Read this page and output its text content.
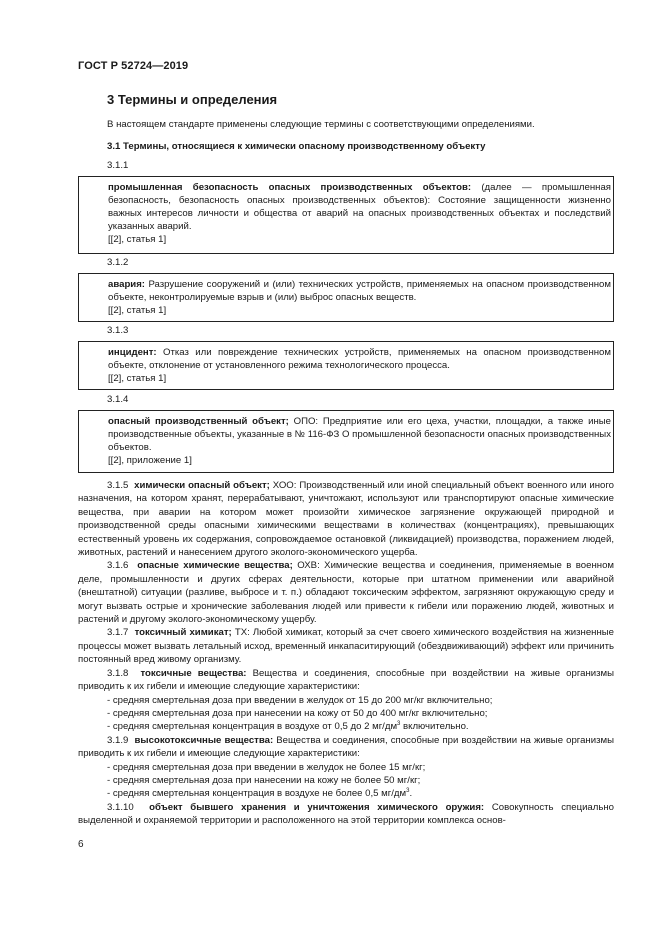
ГОСТ Р 52724—2019
3 Термины и определения
В настоящем стандарте применены следующие термины с соответствующими определениями.
3.1 Термины, относящиеся к химически опасному производственному объекту
3.1.1

промышленная безопасность опасных производственных объектов: (далее — промышленная безопасность, безопасность опасных производственных объектов): Состояние защищенности жизненно важных интересов личности и общества от аварий на опасных производственных объектах и последствий указанных аварий.

[[2], статья 1]

3.1.2

авария: Разрушение сооружений и (или) технических устройств, применяемых на опасном производственном объекте, неконтролируемые взрыв и (или) выброс опасных веществ.

[[2], статья 1]

3.1.3

инцидент: Отказ или повреждение технических устройств, применяемых на опасном производственном объекте, отклонение от установленного режима технологического процесса.

[[2], статья 1]

3.1.4

опасный производственный объект; ОПО: Предприятие или его цеха, участки, площадки, а также иные производственные объекты, указанные в № 116-ФЗ О промышленной безопасности опасных производственных объектов.

[[2], приложение 1]

3.1.5 химически опасный объект; ХОО: Производственный или иной специальный объект военного или иного назначения, на котором хранят, перерабатывают, уничтожают, используют или транспортируют опасные химические вещества, при аварии на котором может произойти химическое загрязнение окружающей природной и производственной среды опасными химическими веществами в количествах (концентрациях), превышающих естественный уровень их содержания, сопровождаемое остановкой (ликвидацией) производства, поражением людей, животных, растений и нанесением другого эколого-экономического ущерба.

3.1.6 опасные химические вещества; ОХВ: Химические вещества и соединения, применяемые в военном деле, промышленности и других сферах деятельности, которые при штатном применении или аварийной (внештатной) ситуации (разливе, выбросе и т. п.) обладают токсическим эффектом, загрязняют окружающую среду и могут вызвать острые и хронические заболевания людей или привести к гибели или поражению людей, животных и растений и другому эколого-экономическому ущербу.

3.1.7 токсичный химикат; ТХ: Любой химикат, который за счет своего химического воздействия на жизненные процессы может вызвать летальный исход, временный инкапаситирующий (обездвиживающий) эффект или причинить постоянный вред живому организму.

3.1.8 токсичные вещества: Вещества и соединения, способные при воздействии на живые организмы приводить к их гибели и имеющие следующие характеристики:

- средняя смертельная доза при введении в желудок от 15 до 200 мг/кг включительно;

- средняя смертельная доза при нанесении на кожу от 50 до 400 мг/кг включительно;

- средняя смертельная концентрация в воздухе от 0,5 до 2 $мг/дм^3$ включительно.

3.1.9 высокотоксичные вещества: Вещества и соединения, способные при воздействии на живые организмы приводить к их гибели и имеющие следующие характеристики:

- средняя смертельная доза при введении в желудок не более 15 мг/кг;

- средняя смертельная доза при нанесении на кожу не более 50 мг/кг;

- средняя смертельная концентрация в воздухе не более 0,5 $мг/дм^3$.

3.1.10 объект бывшего хранения и уничтожения химического оружия: Совокупность специально выделенной и охраняемой территории и расположенного на этой территории комплекса основ-

6
